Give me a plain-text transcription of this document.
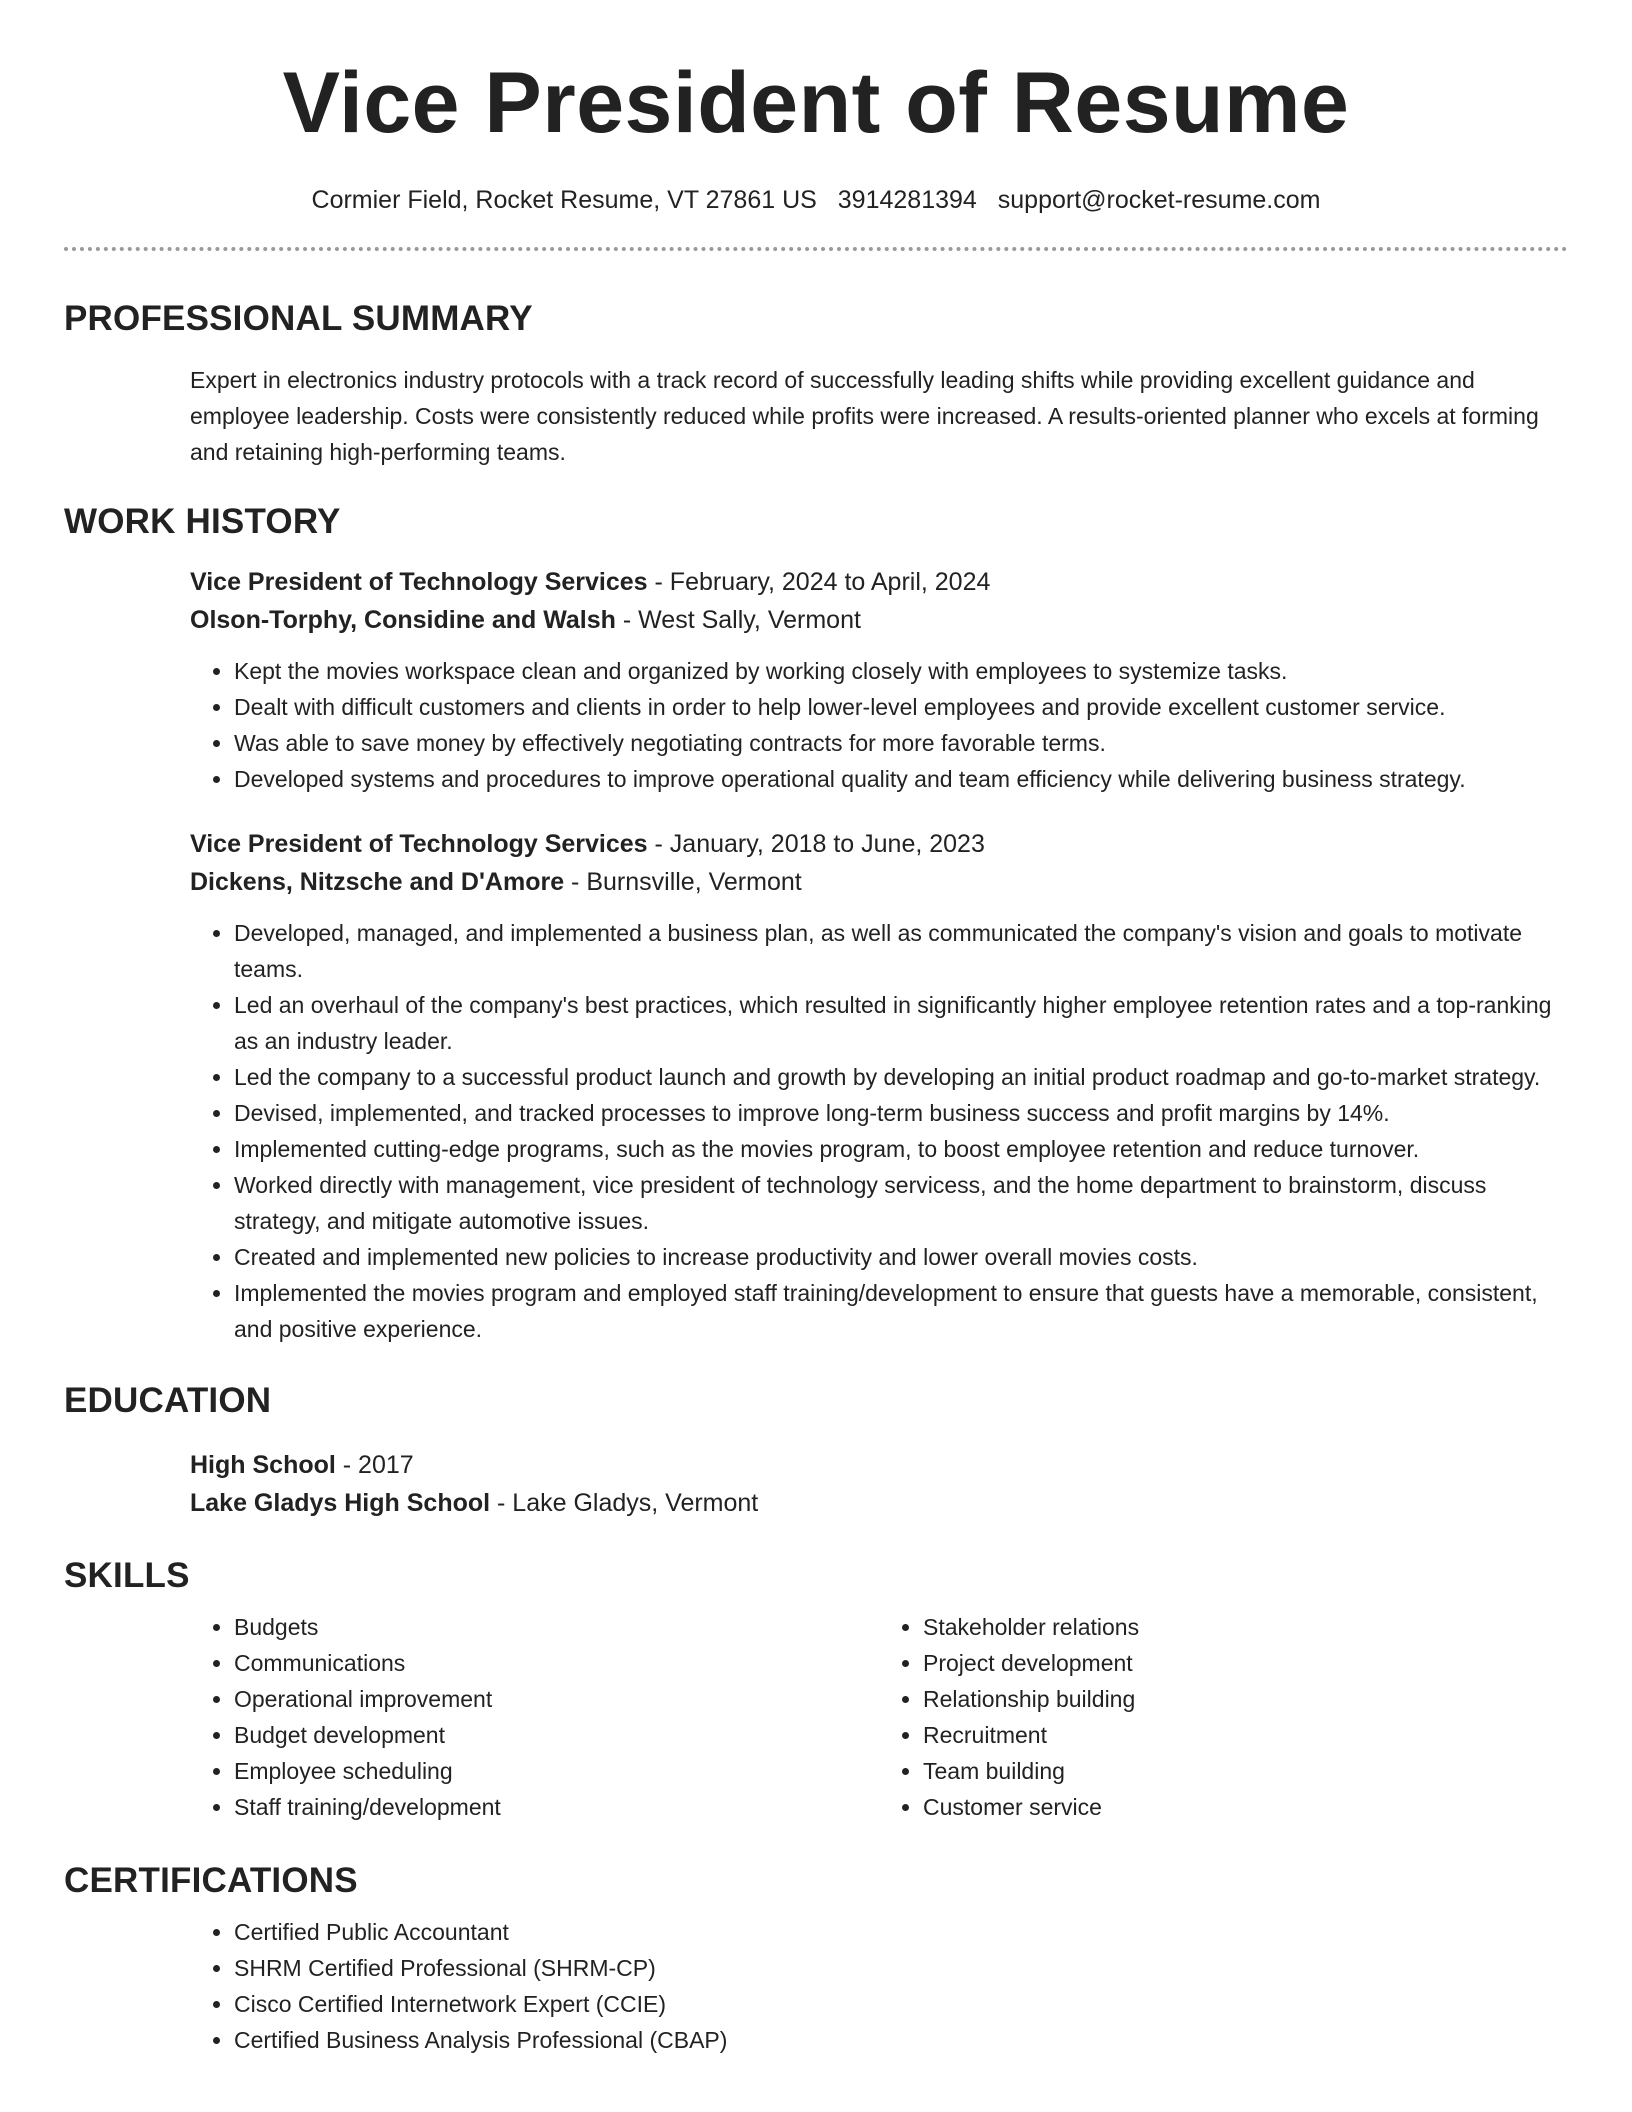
Vice President of Resume
Cormier Field, Rocket Resume, VT 27861 US 3914281394 support@rocket-resume.com
PROFESSIONAL SUMMARY
Expert in electronics industry protocols with a track record of successfully leading shifts while providing excellent guidance and employee leadership. Costs were consistently reduced while profits were increased. A results-oriented planner who excels at forming and retaining high-performing teams.
WORK HISTORY
Vice President of Technology Services - February, 2024 to April, 2024
Olson-Torphy, Considine and Walsh - West Sally, Vermont
• Kept the movies workspace clean and organized by working closely with employees to systemize tasks.
• Dealt with difficult customers and clients in order to help lower-level employees and provide excellent customer service.
• Was able to save money by effectively negotiating contracts for more favorable terms.
• Developed systems and procedures to improve operational quality and team efficiency while delivering business strategy.
Vice President of Technology Services - January, 2018 to June, 2023
Dickens, Nitzsche and D'Amore - Burnsville, Vermont
• Developed, managed, and implemented a business plan, as well as communicated the company's vision and goals to motivate teams.
• Led an overhaul of the company's best practices, which resulted in significantly higher employee retention rates and a top-ranking as an industry leader.
• Led the company to a successful product launch and growth by developing an initial product roadmap and go-to-market strategy.
• Devised, implemented, and tracked processes to improve long-term business success and profit margins by 14%.
• Implemented cutting-edge programs, such as the movies program, to boost employee retention and reduce turnover.
• Worked directly with management, vice president of technology servicess, and the home department to brainstorm, discuss strategy, and mitigate automotive issues.
• Created and implemented new policies to increase productivity and lower overall movies costs.
• Implemented the movies program and employed staff training/development to ensure that guests have a memorable, consistent, and positive experience.
EDUCATION
High School - 2017
Lake Gladys High School - Lake Gladys, Vermont
SKILLS
• Budgets
• Communications
• Operational improvement
• Budget development
• Employee scheduling
• Staff training/development
• Stakeholder relations
• Project development
• Relationship building
• Recruitment
• Team building
• Customer service
CERTIFICATIONS
• Certified Public Accountant
• SHRM Certified Professional (SHRM-CP)
• Cisco Certified Internetwork Expert (CCIE)
• Certified Business Analysis Professional (CBAP)
